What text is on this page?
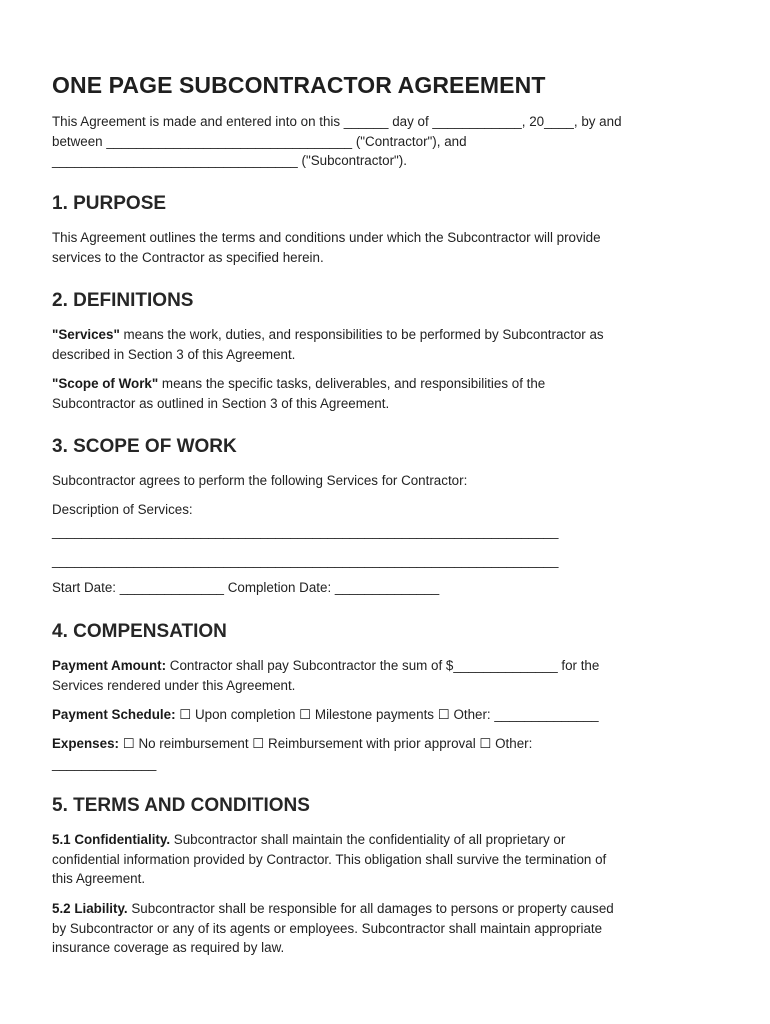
ONE PAGE SUBCONTRACTOR AGREEMENT
This Agreement is made and entered into on this ______ day of ____________, 20____, by and
between _________________________________ ("Contractor"), and
_________________________________ ("Subcontractor").
1. PURPOSE
This Agreement outlines the terms and conditions under which the Subcontractor will provide
services to the Contractor as specified herein.
2. DEFINITIONS
"Services" means the work, duties, and responsibilities to be performed by Subcontractor as
described in Section 3 of this Agreement.
"Scope of Work" means the specific tasks, deliverables, and responsibilities of the
Subcontractor as outlined in Section 3 of this Agreement.
3. SCOPE OF WORK
Subcontractor agrees to perform the following Services for Contractor:
Description of Services:
____________________________________________________________________
____________________________________________________________________
Start Date: ______________ Completion Date: ______________
4. COMPENSATION
Payment Amount: Contractor shall pay Subcontractor the sum of $______________ for the
Services rendered under this Agreement.
Payment Schedule: ☐ Upon completion ☐ Milestone payments ☐ Other: ______________
Expenses: ☐ No reimbursement ☐ Reimbursement with prior approval ☐ Other:
______________
5. TERMS AND CONDITIONS
5.1 Confidentiality. Subcontractor shall maintain the confidentiality of all proprietary or
confidential information provided by Contractor. This obligation shall survive the termination of
this Agreement.
5.2 Liability. Subcontractor shall be responsible for all damages to persons or property caused
by Subcontractor or any of its agents or employees. Subcontractor shall maintain appropriate
insurance coverage as required by law.
